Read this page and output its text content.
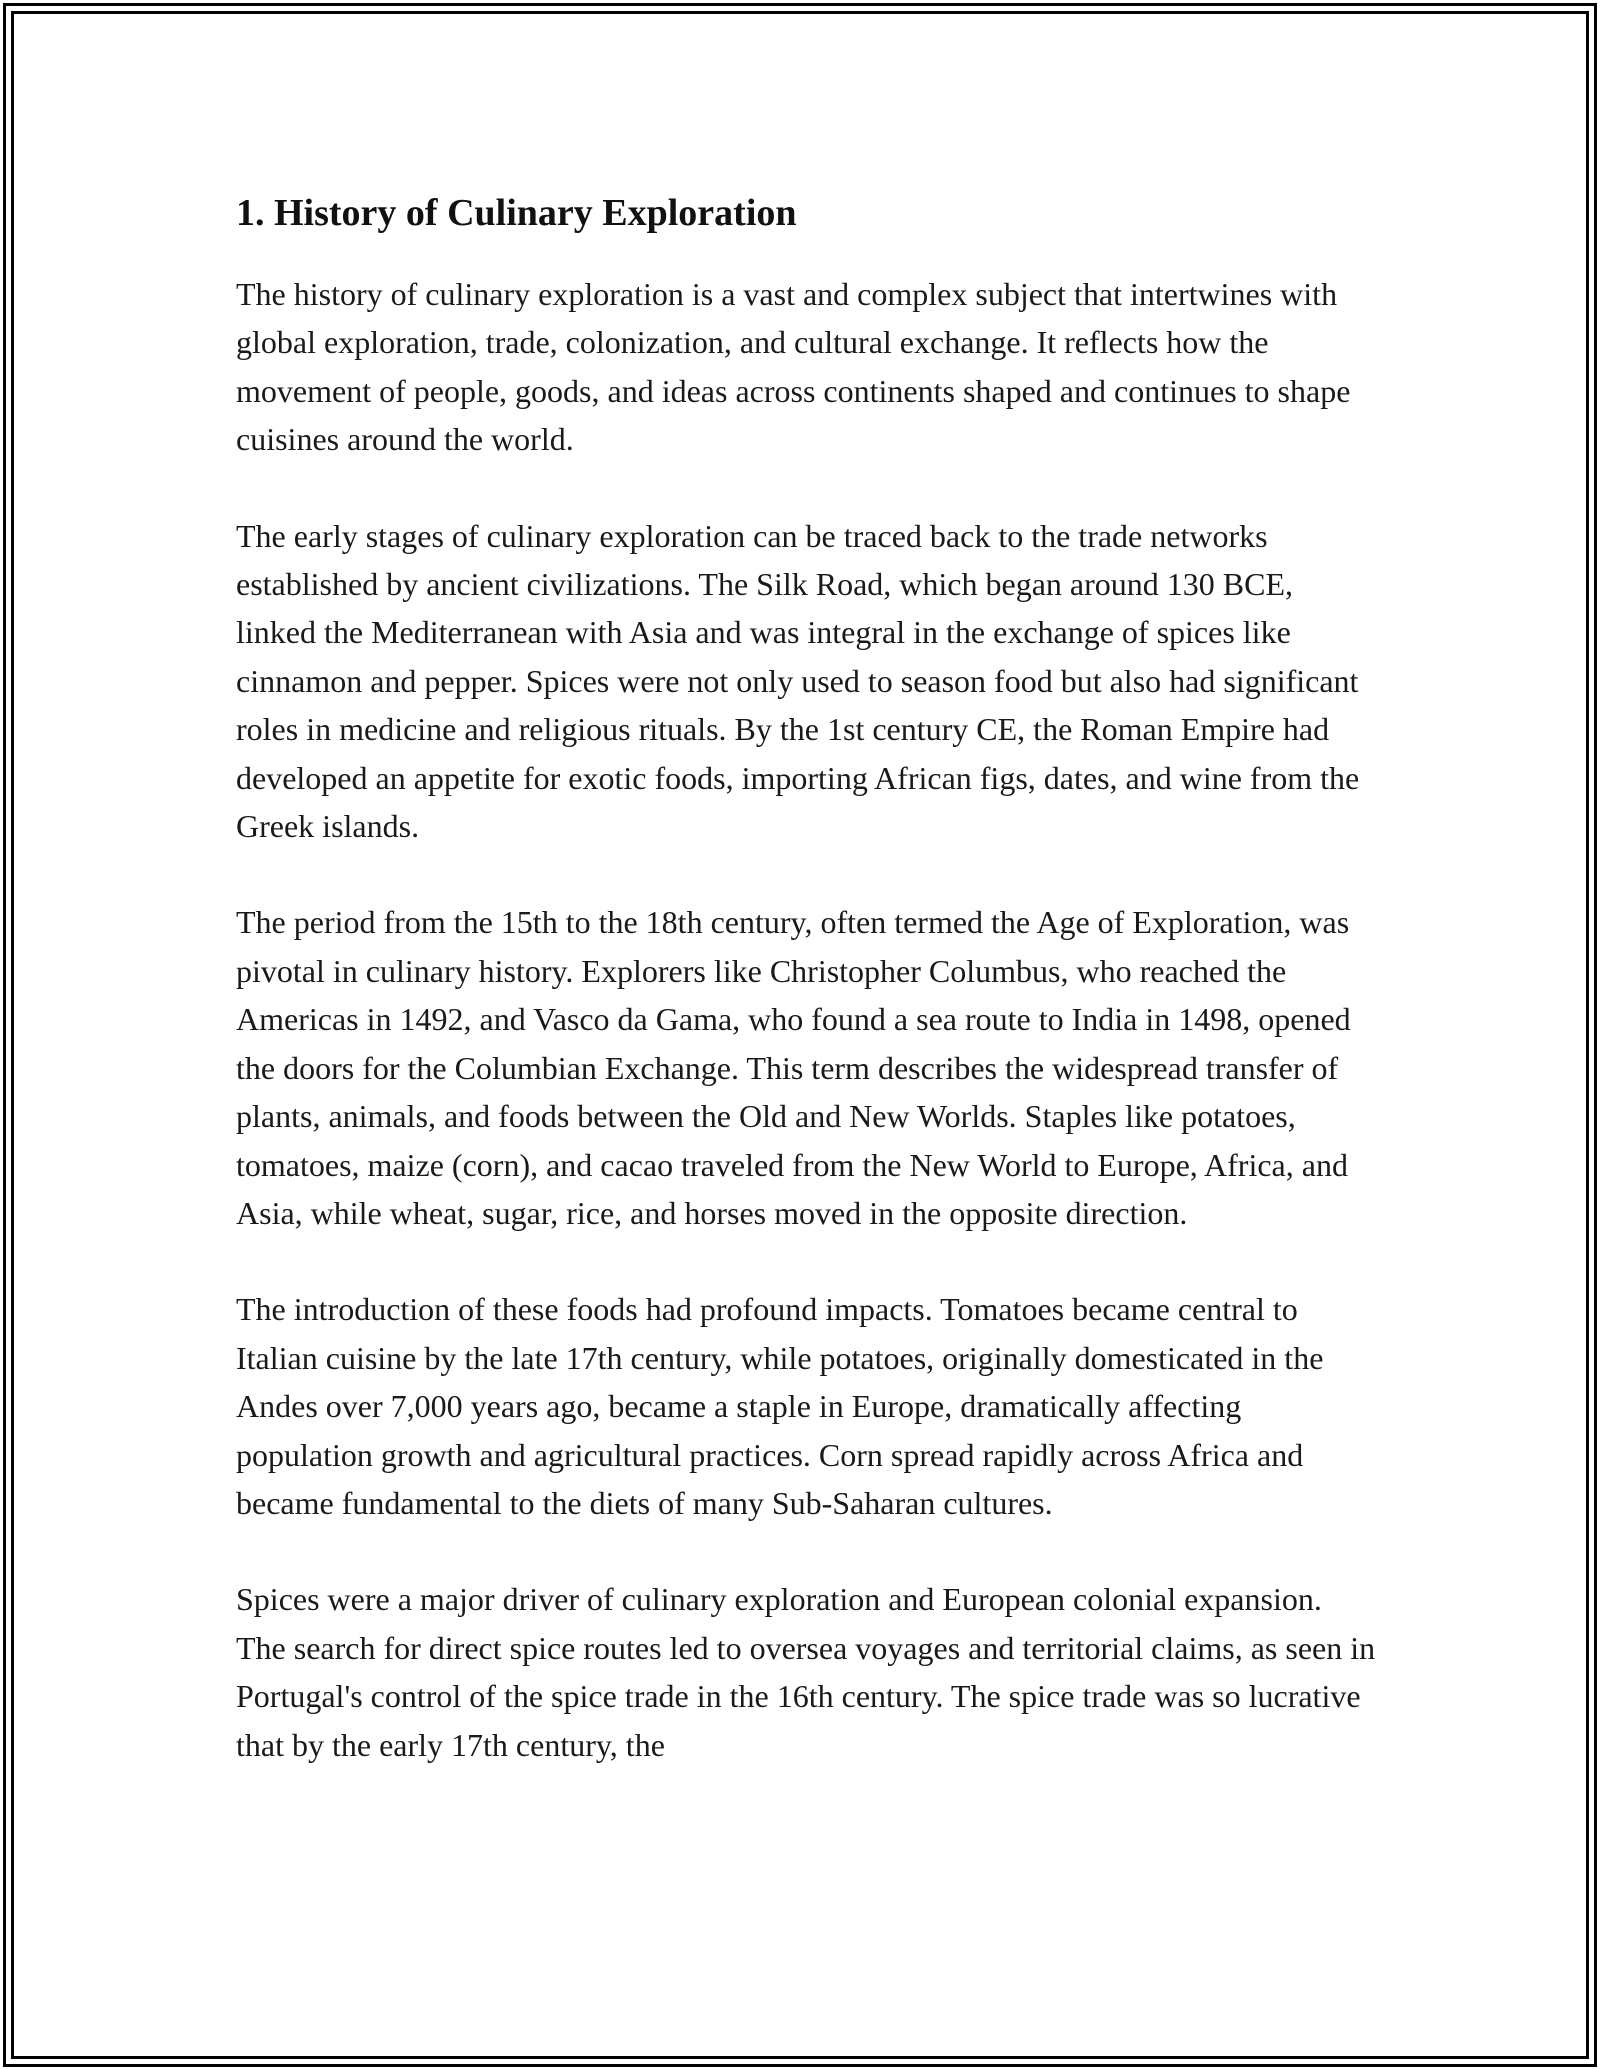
1. History of Culinary Exploration

The history of culinary exploration is a vast and complex subject that intertwines with global exploration, trade, colonization, and cultural exchange. It reflects how the movement of people, goods, and ideas across continents shaped and continues to shape cuisines around the world.

The early stages of culinary exploration can be traced back to the trade networks established by ancient civilizations. The Silk Road, which began around 130 BCE, linked the Mediterranean with Asia and was integral in the exchange of spices like cinnamon and pepper. Spices were not only used to season food but also had significant roles in medicine and religious rituals. By the 1st century CE, the Roman Empire had developed an appetite for exotic foods, importing African figs, dates, and wine from the Greek islands.

The period from the 15th to the 18th century, often termed the Age of Exploration, was pivotal in culinary history. Explorers like Christopher Columbus, who reached the Americas in 1492, and Vasco da Gama, who found a sea route to India in 1498, opened the doors for the Columbian Exchange. This term describes the widespread transfer of plants, animals, and foods between the Old and New Worlds. Staples like potatoes, tomatoes, maize (corn), and cacao traveled from the New World to Europe, Africa, and Asia, while wheat, sugar, rice, and horses moved in the opposite direction.

The introduction of these foods had profound impacts. Tomatoes became central to Italian cuisine by the late 17th century, while potatoes, originally domesticated in the Andes over 7,000 years ago, became a staple in Europe, dramatically affecting population growth and agricultural practices. Corn spread rapidly across Africa and became fundamental to the diets of many Sub-Saharan cultures.

Spices were a major driver of culinary exploration and European colonial expansion. The search for direct spice routes led to oversea voyages and territorial claims, as seen in Portugal's control of the spice trade in the 16th century. The spice trade was so lucrative that by the early 17th century, the
